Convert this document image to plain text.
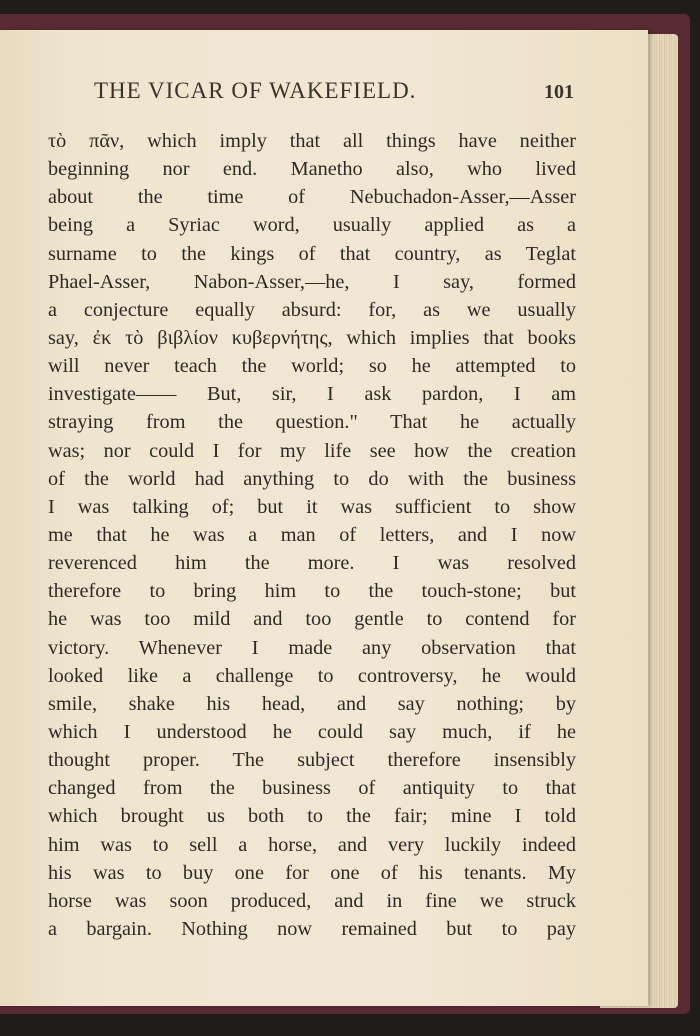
THE VICAR OF WAKEFIELD.	101
τὸ πᾶν, which imply that all things have neither
beginning nor end. Manetho also, who lived
about the time of Nebuchadon-Asser,—Asser
being a Syriac word, usually applied as a
surname to the kings of that country, as Teglat
Phael-Asser, Nabon-Asser,—he, I say, formed
a conjecture equally absurd: for, as we usually
say, ἐκ τὸ βιβλίον κυβερνήτης, which implies that books
will never teach the world; so he attempted to
investigate—— But, sir, I ask pardon, I am
straying from the question." That he actually
was; nor could I for my life see how the creation
of the world had anything to do with the business
I was talking of; but it was sufficient to show
me that he was a man of letters, and I now
reverenced him the more. I was resolved
therefore to bring him to the touch-stone; but
he was too mild and too gentle to contend for
victory. Whenever I made any observation that
looked like a challenge to controversy, he would
smile, shake his head, and say nothing; by
which I understood he could say much, if he
thought proper. The subject therefore insensibly
changed from the business of antiquity to that
which brought us both to the fair; mine I told
him was to sell a horse, and very luckily indeed
his was to buy one for one of his tenants. My
horse was soon produced, and in fine we struck
a bargain. Nothing now remained but to pay
